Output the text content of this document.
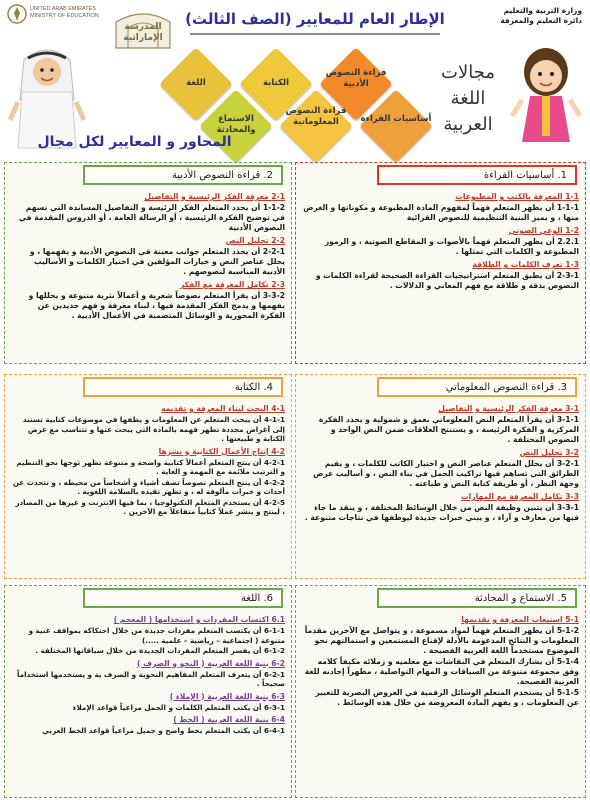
وزارة التربية والتعليم
دائرة التعليم والمعرفة
UNITED ARAB EMIRATES
MINISTRY OF EDUCATION
المدرسة
الإماراتية
الإطار العام للمعايير (الصف الثالث)
مجالات
اللغة
العربية
قراءة النصوص الأدبية
أساسيات القراءة
قراءة النصوص المعلوماتية
الكتابة
الاستماع والمحادثة
اللغة
المحاور و المعايير لكل مجال
1. أساسيات القراءة
1-1 المعرفة بالكتب و المطبوعات
1-1-1 أن يظهر المتعلم فهماً لمفهوم المادة المطبوعة و مكوناتها و الغرض منها ، و يميز البنية التنظيمية للنصوص القرائية
1-2 الوعي الصوتي
2.2.1 أن يظهر المتعلم فهماً بالأصوات و المقاطع الصوتية ، و الرموز المطبوعة و الكلمات التي تمثلها .
1-3 تعرف الكلمات و الطلاقة
2-3-1 أن يطبق المتعلم استراتيجيات القراءة الصحيحة لقراءة الكلمات و النصوص بدقة و طلاقة مع فهم المعاني و الدلالات .
2. قراءة النصوص الأدبية
2-1 معرفة الفكر الرئيسية و التفاصيل
1-1-2 أن يحدد المتعلم الفكر الرئيسة و التفاصيل المساندة التي تسهم في توضيح الفكرة الرئيسية ، أو الرسالة العامة ، أو الدروس المقدمة في النصوص الأدبية
2-2 تحليل النص
2-2-1 أن يحدد المتعلم جوانب معينة في النصوص الأدبية و يفهمها ، و يحلل عناصر النص و خيارات المؤلفين في اختيار الكلمات و الأساليب الأدبية المناسبة لنصوصهم .
2-3 تكامل المعرفة مع الفكر
3-3-2 أن يقرأ المتعلم نصوصاً شعرية و أعمالاً نثرية متنوعة و يحللها و يفهمها و يدمج الفكر المقدمة فيها ، لبناء معرفة و فهم جديدين عن الفكرة المحورية و الوسائل المتضمنة في الأعمال الأدبية .
3. قراءة النصوص المعلوماتي
3-1 معرفة الفكر الرئيسية و التفاصيل
3-1-1 أن يقرأ المتعلم النص المعلوماتي بعمق و شمولية و يحدد الفكرة المركزية و الفكرة الرئيسة ، و يستنتج العلاقات ضمن النص الواحد و النصوص المختلفة .
3-2 تحليل النص
3-2-1 أن يحلل المتعلم عناصر النص و اختيار الكاتب للكلمات ، و يقيم الطرائق التي تساهم فيها تراكيب الجمل في بناء النص ، و أساليب عرض وجهة النظر ، أو طريقة كتابة النص و طباعته .
3-3 تكامل المعرفة مع المهارات
3-3-1 أن يتبين وظيفة النص من خلال الوسائط المختلفة ، و ينقد ما جاء فيها من معارف و آراء ، و يبني خبرات جديدة ليوظفها في نتاجات متنوعة .
4. الكتابة
4-1 البحث لبناء المعرفة و تقديمه
4-1-1 أن يبحث المتعلم عن المعلومات و يظفها في موضوعات كتابية تستند إلى أغراض محددة تظهر فهمه بالمادة التي يبحث عنها و تتناسب مع غرض الكتابة و طبيعتها .
4-2 إنتاج الأعمال الكتابية و نشرها
4-2-1 أن ينتج المتعلم أعمالاً كتابية واضحة و متنوعة تظهر توجها نحو التنظيم و الترتيب ملائمة مع المهمة و الغاية .
4-2-2 أن ينتج المتعلم نصوصاً تصف أشياء و أشخاصاً من محيطه ، و تتحدث عن أحداث و خبرات مألوفة له ، و تظهر تقيده بالسلامة اللغوية .
4-2-5 أن يستخدم المتعلم التكنولوجيا ، بما فيها الانترنت و غيرها من المصادر ، لينتج و ينشر عملاً كتابياً متفاعلاً مع الآخرين .
5. الاستماع و المحادثة
5-1 استيعاب المعرفة و تقديمها
5-1-2 أن يظهر المتعلم فهماً لمواد مسموعة ، و يتواصل مع الآخرين مقدماً المعلومات و النتائج المدعومة بالأدلة لإقناع المستمعين و استمالتهم نحو الموضوع مستخدماً اللغة العربية الفصيحة .
5-1-4 أن يشارك المتعلم في النقاشات مع معلميه و زملائه مكيفاً كلامه وفق مجموعة متنوعة من السياقات و المهام التواصلية ، مظهراً إجادته للغة العربية الفصيحة.
5-1-5 أن يستخدم المتعلم الوسائل الرقمية في العروض البصرية للتعبير عن المعلومات ، و يفهم المادة المعروضة من خلال هذه الوسائط .
6. اللغة
6.1 اكتساب المفردات و استخدامها ( المعجم )
6-1-1 أن يكتسب المتعلم مفردات جديدة من خلال احتكاكه بمواقف غنية و متنوعة ( اجتماعية – رياضية – علمية .....)
6-1-2 أن يفسر المتعلم المفردات الجديدة من خلال سياقاتها المختلفة .
6-2 بنية اللغة العربية ( النحو و الصرف )
6-2-1 أن يتعرف المتعلم المفاهيم النحوية و الصرف ية و يستخدمها استخداماً صحيحاً .
6-3 بنية اللغة العربية ( الإملاء )
6-3-1 أن يكتب المتعلم الكلمات و الجمل مراعياً قواعد الإملاء
6-4 بنية اللغة العربية ( الخط )
6-4-1 أن يكتب المتعلم بخط واضح و جميل مراعياً قواعد الخط العربي
